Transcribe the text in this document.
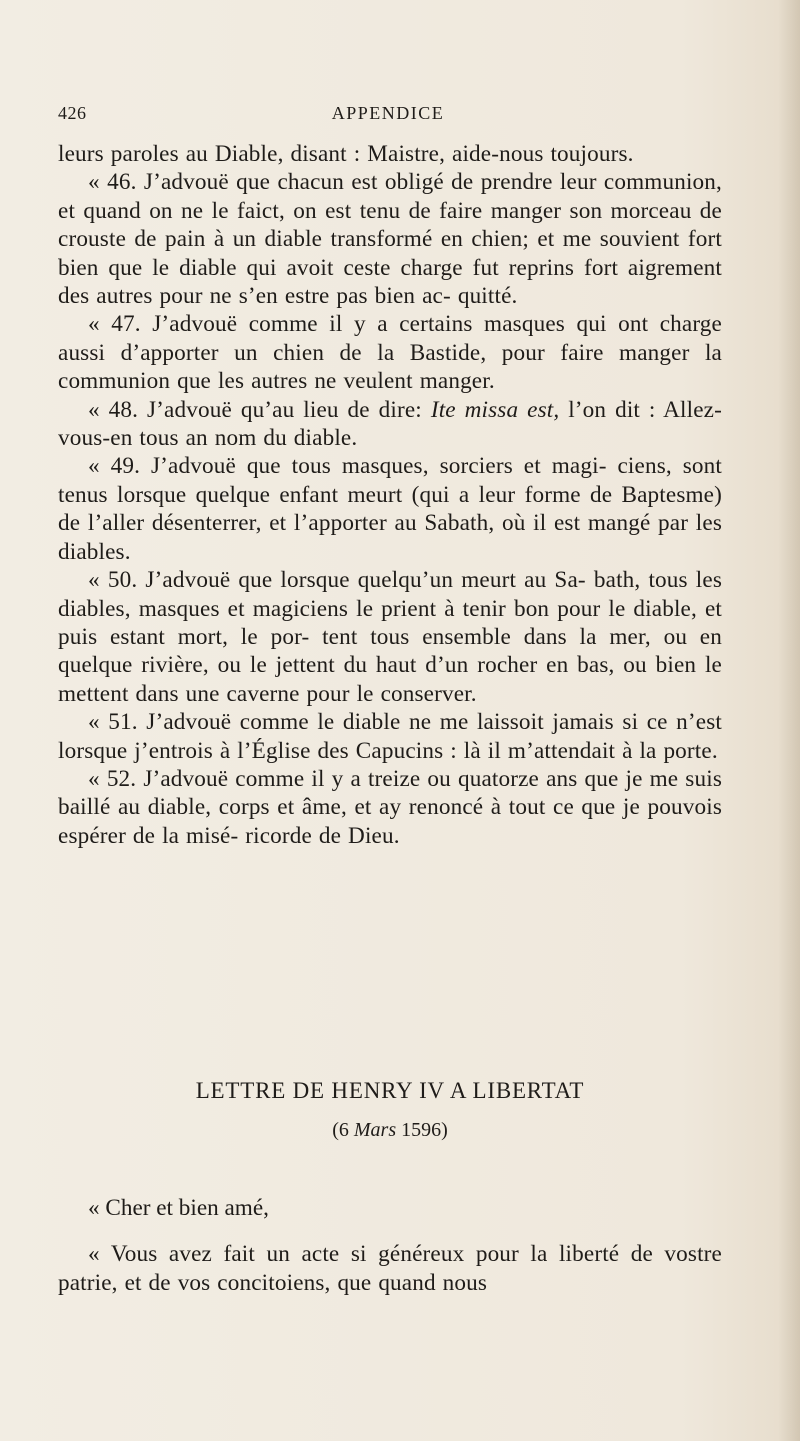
426	APPENDICE

leurs paroles au Diable, disant : Maistre, aide-nous toujours.

« 46. J’advouë que chacun est obligé de prendre leur communion, et quand on ne le faict, on est tenu de faire manger son morceau de crouste de pain à un diable transformé en chien; et me souvient fort bien que le diable qui avoit ceste charge fut reprins fort aigrement des autres pour ne s’en estre pas bien ac- quitté.

« 47. J’advouë comme il y a certains masques qui ont charge aussi d’apporter un chien de la Bastide, pour faire manger la communion que les autres ne veulent manger.

« 48. J’advouë qu’au lieu de dire: Ite missa est, l’on dit : Allez-vous-en tous an nom du diable.

« 49. J’advouë que tous masques, sorciers et magi- ciens, sont tenus lorsque quelque enfant meurt (qui a leur forme de Baptesme) de l’aller désenterrer, et l’apporter au Sabath, où il est mangé par les diables.

« 50. J’advouë que lorsque quelqu’un meurt au Sa- bath, tous les diables, masques et magiciens le prient à tenir bon pour le diable, et puis estant mort, le por- tent tous ensemble dans la mer, ou en quelque rivière, ou le jettent du haut d’un rocher en bas, ou bien le mettent dans une caverne pour le conserver.

« 51. J’advouë comme le diable ne me laissoit jamais si ce n’est lorsque j’entrois à l’Église des Capucins : là il m’attendait à la porte.

« 52. J’advouë comme il y a treize ou quatorze ans que je me suis baillé au diable, corps et âme, et ay renoncé à tout ce que je pouvois espérer de la misé- ricorde de Dieu.

LETTRE DE HENRY IV A LIBERTAT
(6 Mars 1596)

« Cher et bien amé,

« Vous avez fait un acte si généreux pour la liberté de vostre patrie, et de vos concitoiens, que quand nous
